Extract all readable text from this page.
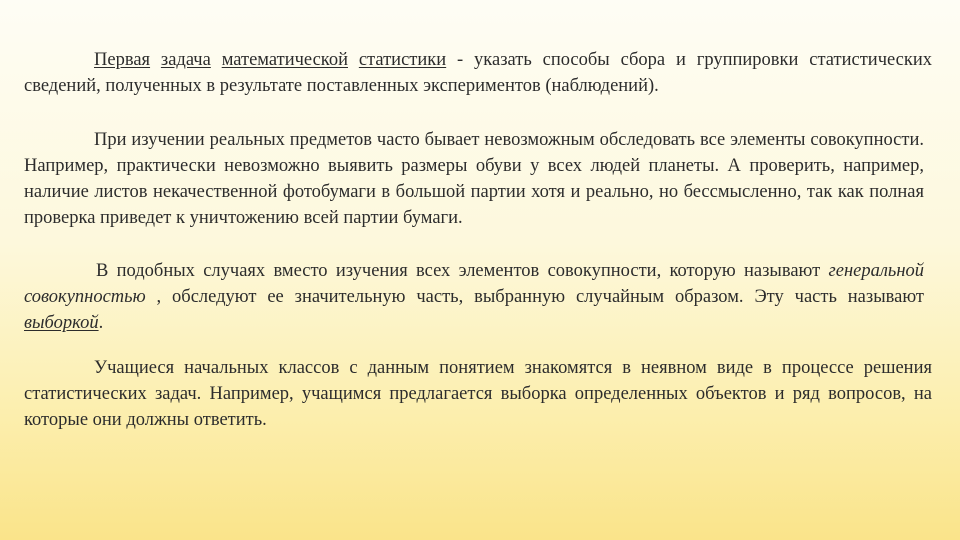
Первая задача математической статистики - указать способы сбора и группировки статистических сведений, полученных в результате поставленных экспериментов (наблюдений).

При изучении реальных предметов часто бывает невозможным обследовать все элементы совокупности. Например, практически невозможно выявить размеры обуви у всех людей планеты. А проверить, например, наличие листов некачественной фотобумаги в большой партии хотя и реально, но бессмысленно, так как полная проверка приведет к уничтожению всей партии бумаги.

В подобных случаях вместо изучения всех элементов совокупности, которую называют генеральной совокупностью , обследуют ее значительную часть, выбранную случайным образом. Эту часть называют выборкой.

Учащиеся начальных классов с данным понятием знакомятся в неявном виде в процессе решения статистических задач. Например, учащимся предлагается выборка определенных объектов и ряд вопросов, на которые они должны ответить.
